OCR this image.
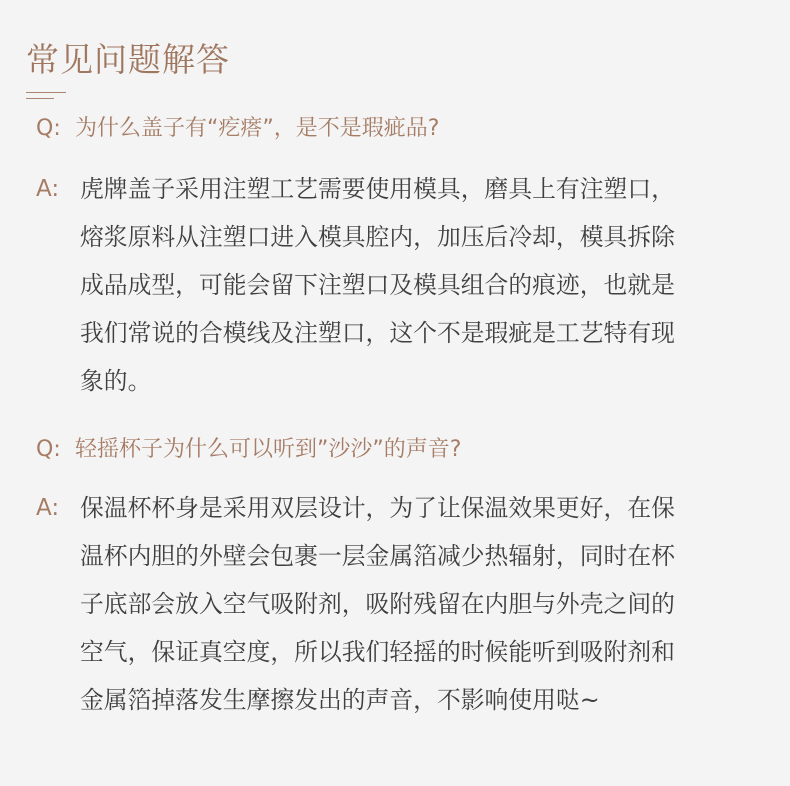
常见问题解答
Q: 为什么盖子有“疙瘩”，是不是瑕疵品?
A: 虎牌盖子采用注塑工艺需要使用模具，磨具上有注塑口，
熔浆原料从注塑口进入模具腔内，加压后冷却，模具拆除
成品成型，可能会留下注塑口及模具组合的痕迹，也就是
我们常说的合模线及注塑口，这个不是瑕疵是工艺特有现
象的。
Q: 轻摇杯子为什么可以听到”沙沙”的声音?
A: 保温杯杯身是采用双层设计，为了让保温效果更好，在保
温杯内胆的外壁会包裹一层金属箔减少热辐射，同时在杯
子底部会放入空气吸附剂，吸附残留在内胆与外壳之间的
空气，保证真空度，所以我们轻摇的时候能听到吸附剂和
金属箔掉落发生摩擦发出的声音，不影响使用哒~
